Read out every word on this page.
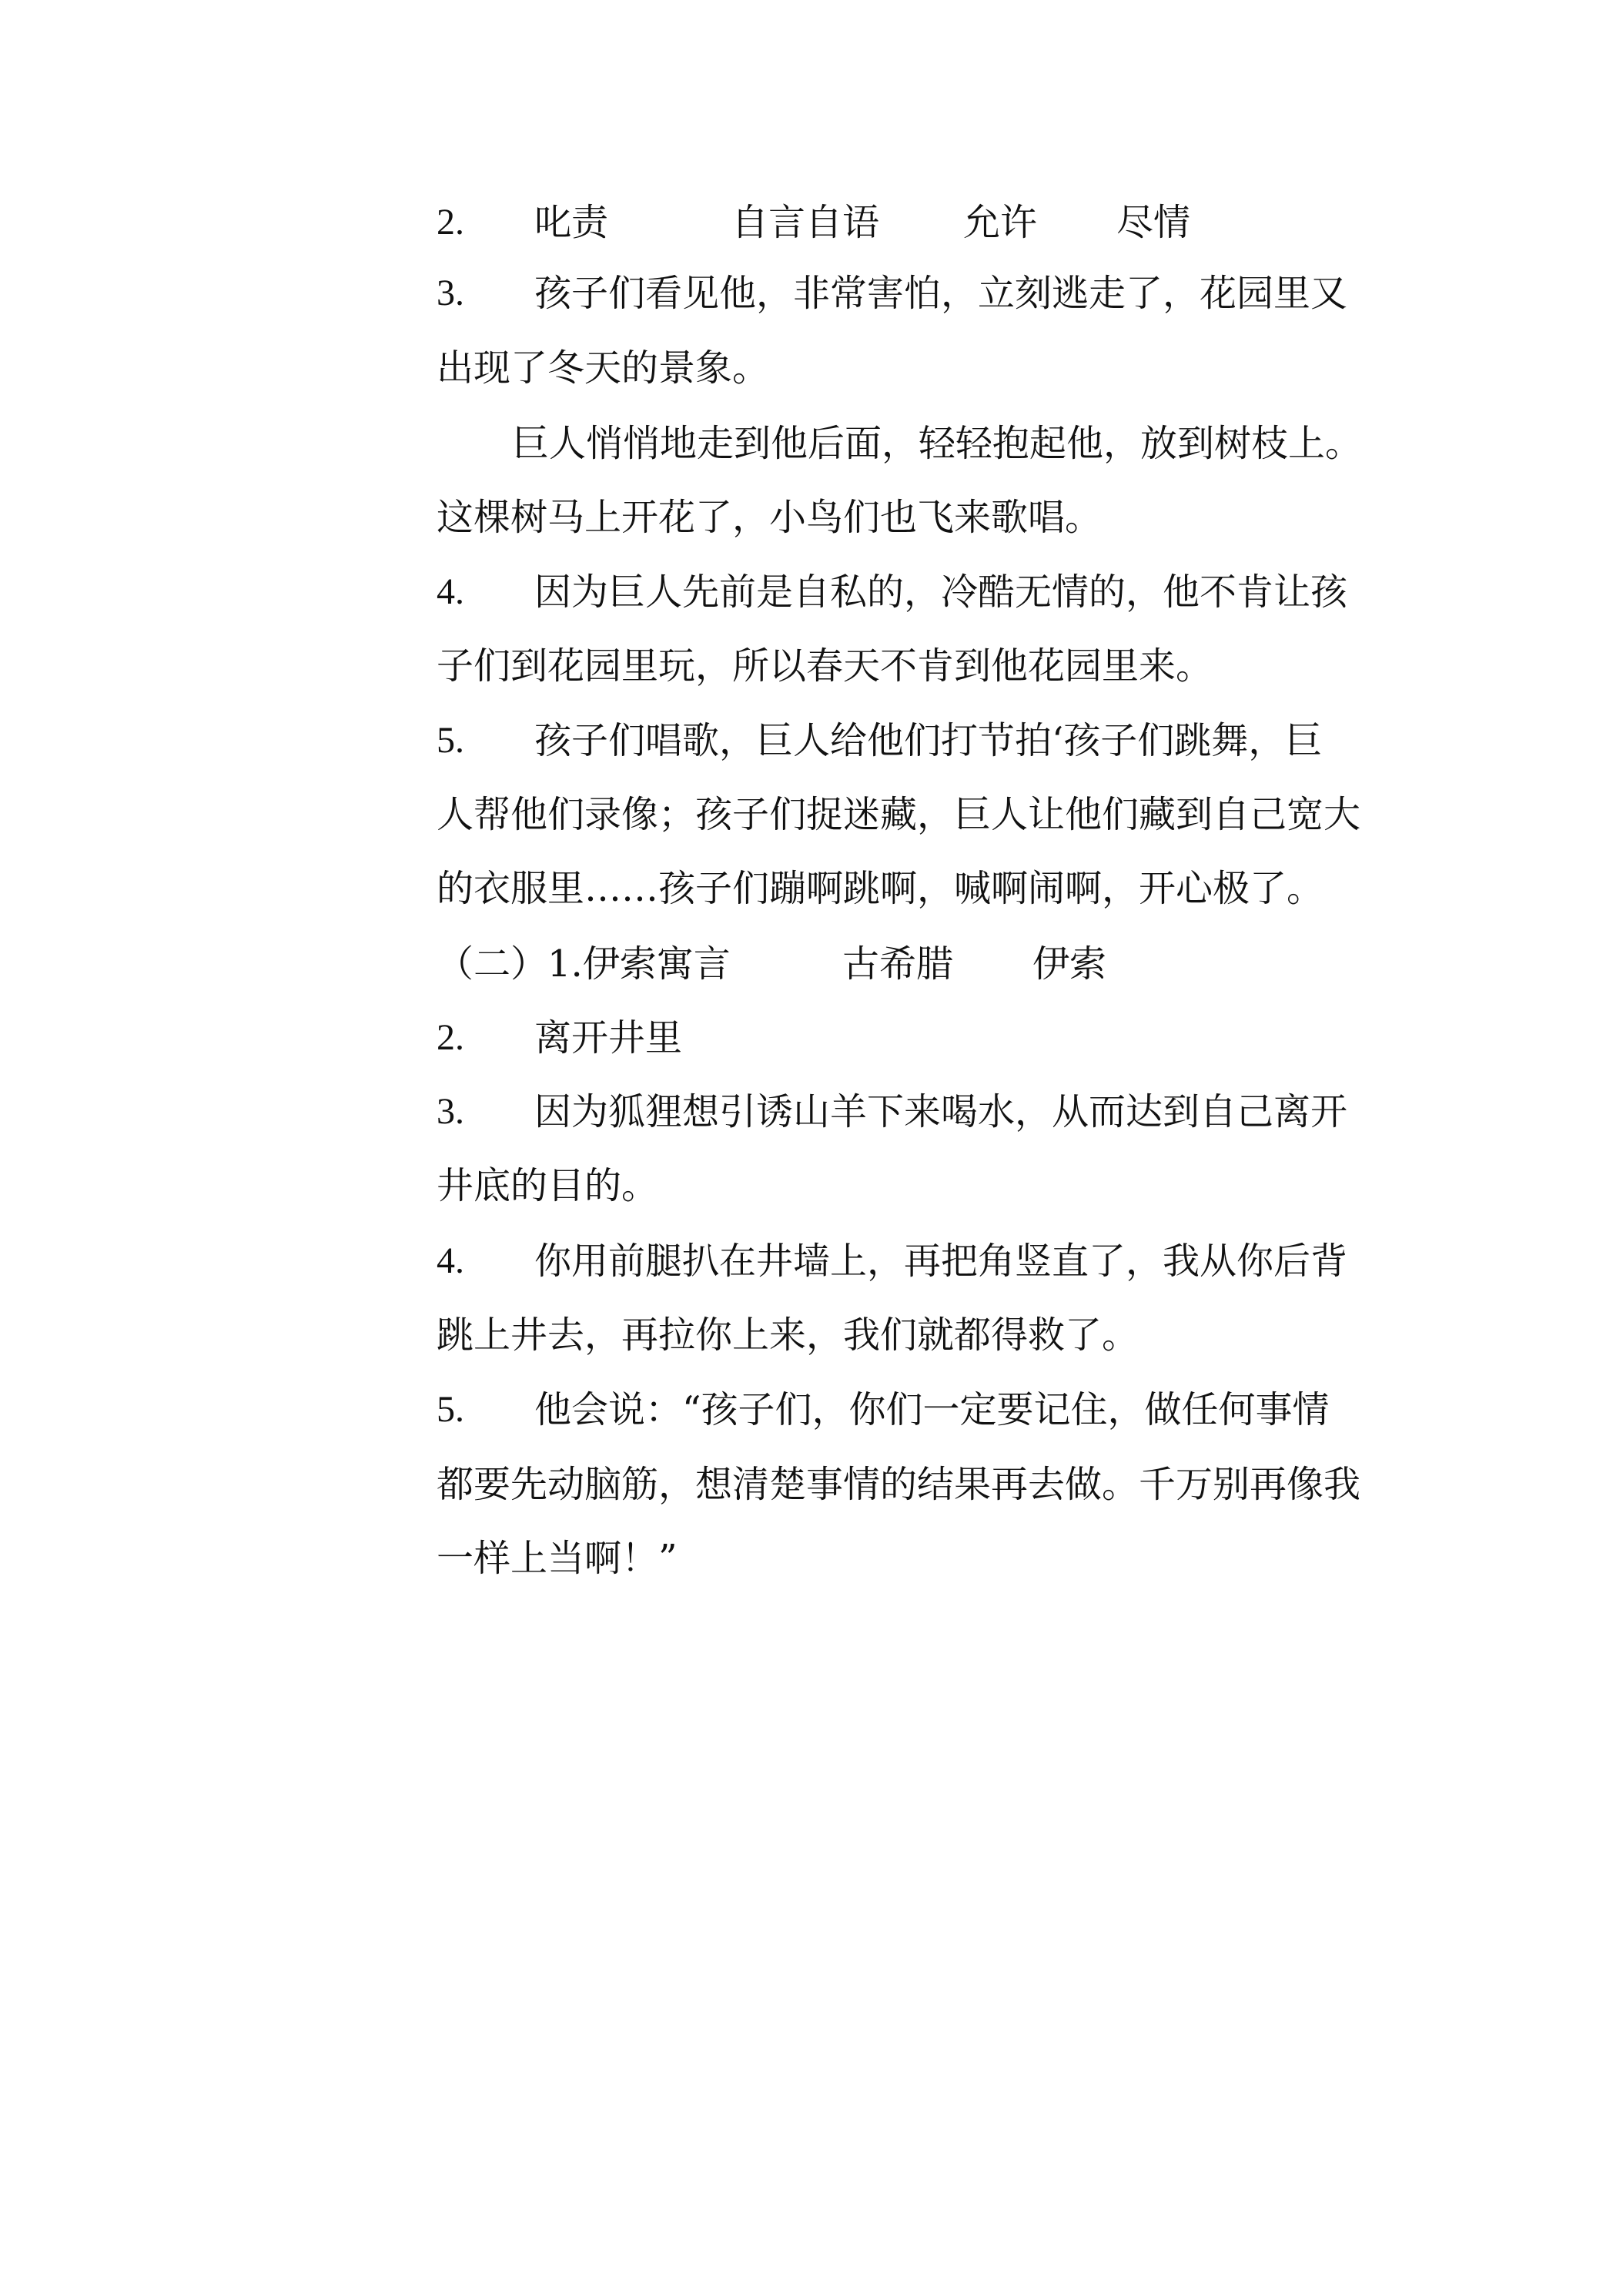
2. 叱责	自言自语 允许 尽情
3. 孩子们看见他，非常害怕，立刻逃走了，花园里又
出现了冬天的景象。
巨人悄悄地走到他后面，轻轻抱起他，放到树枝上。
这棵树马上开花了，小鸟们也飞来歌唱。
4. 因为巨人先前是自私的，冷酷无情的，他不肯让孩
子们到花园里玩，所以春天不肯到他花园里来。
5. 孩子们唱歌，巨人给他们打节拍‘孩子们跳舞，巨
人帮他们录像；孩子们捉迷藏，巨人让他们藏到自己宽大
的衣服里……孩子们蹦啊跳啊，喊啊闹啊，开心极了。
（二）1.伊索寓言	古希腊 伊索
2. 离开井里
3. 因为狐狸想引诱山羊下来喝水，从而达到自己离开
井底的目的。
4. 你用前腿扒在井墙上，再把角竖直了，我从你后背
跳上井去，再拉你上来，我们就都得救了。
5. 他会说：“孩子们，你们一定要记住，做任何事情
都要先动脑筋，想清楚事情的结果再去做。千万别再像我
一样上当啊！”
